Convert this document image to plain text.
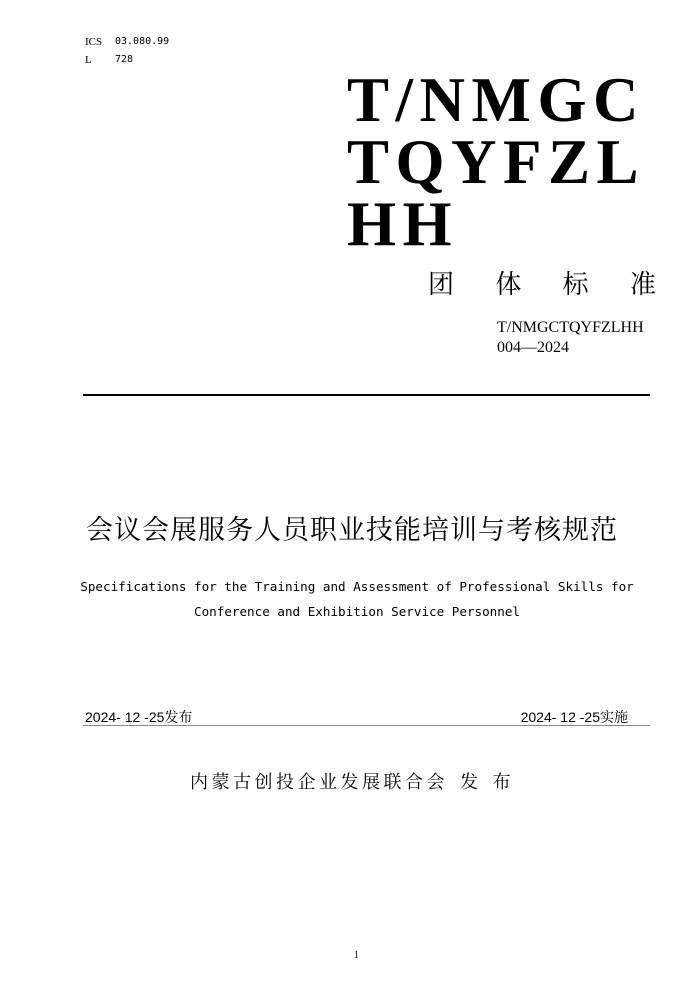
ICS 03.080.99
L 728
T/NMGC
TQYFZL
HH
团 体 标 准
T/NMGCTQYFZLHH
004—2024
会议会展服务人员职业技能培训与考核规范
Specifications for the Training and Assessment of Professional Skills for
Conference and Exhibition Service Personnel
2024- 12 -25发布	2024- 12 -25实施
内蒙古创投企业发展联合会 发 布
1
